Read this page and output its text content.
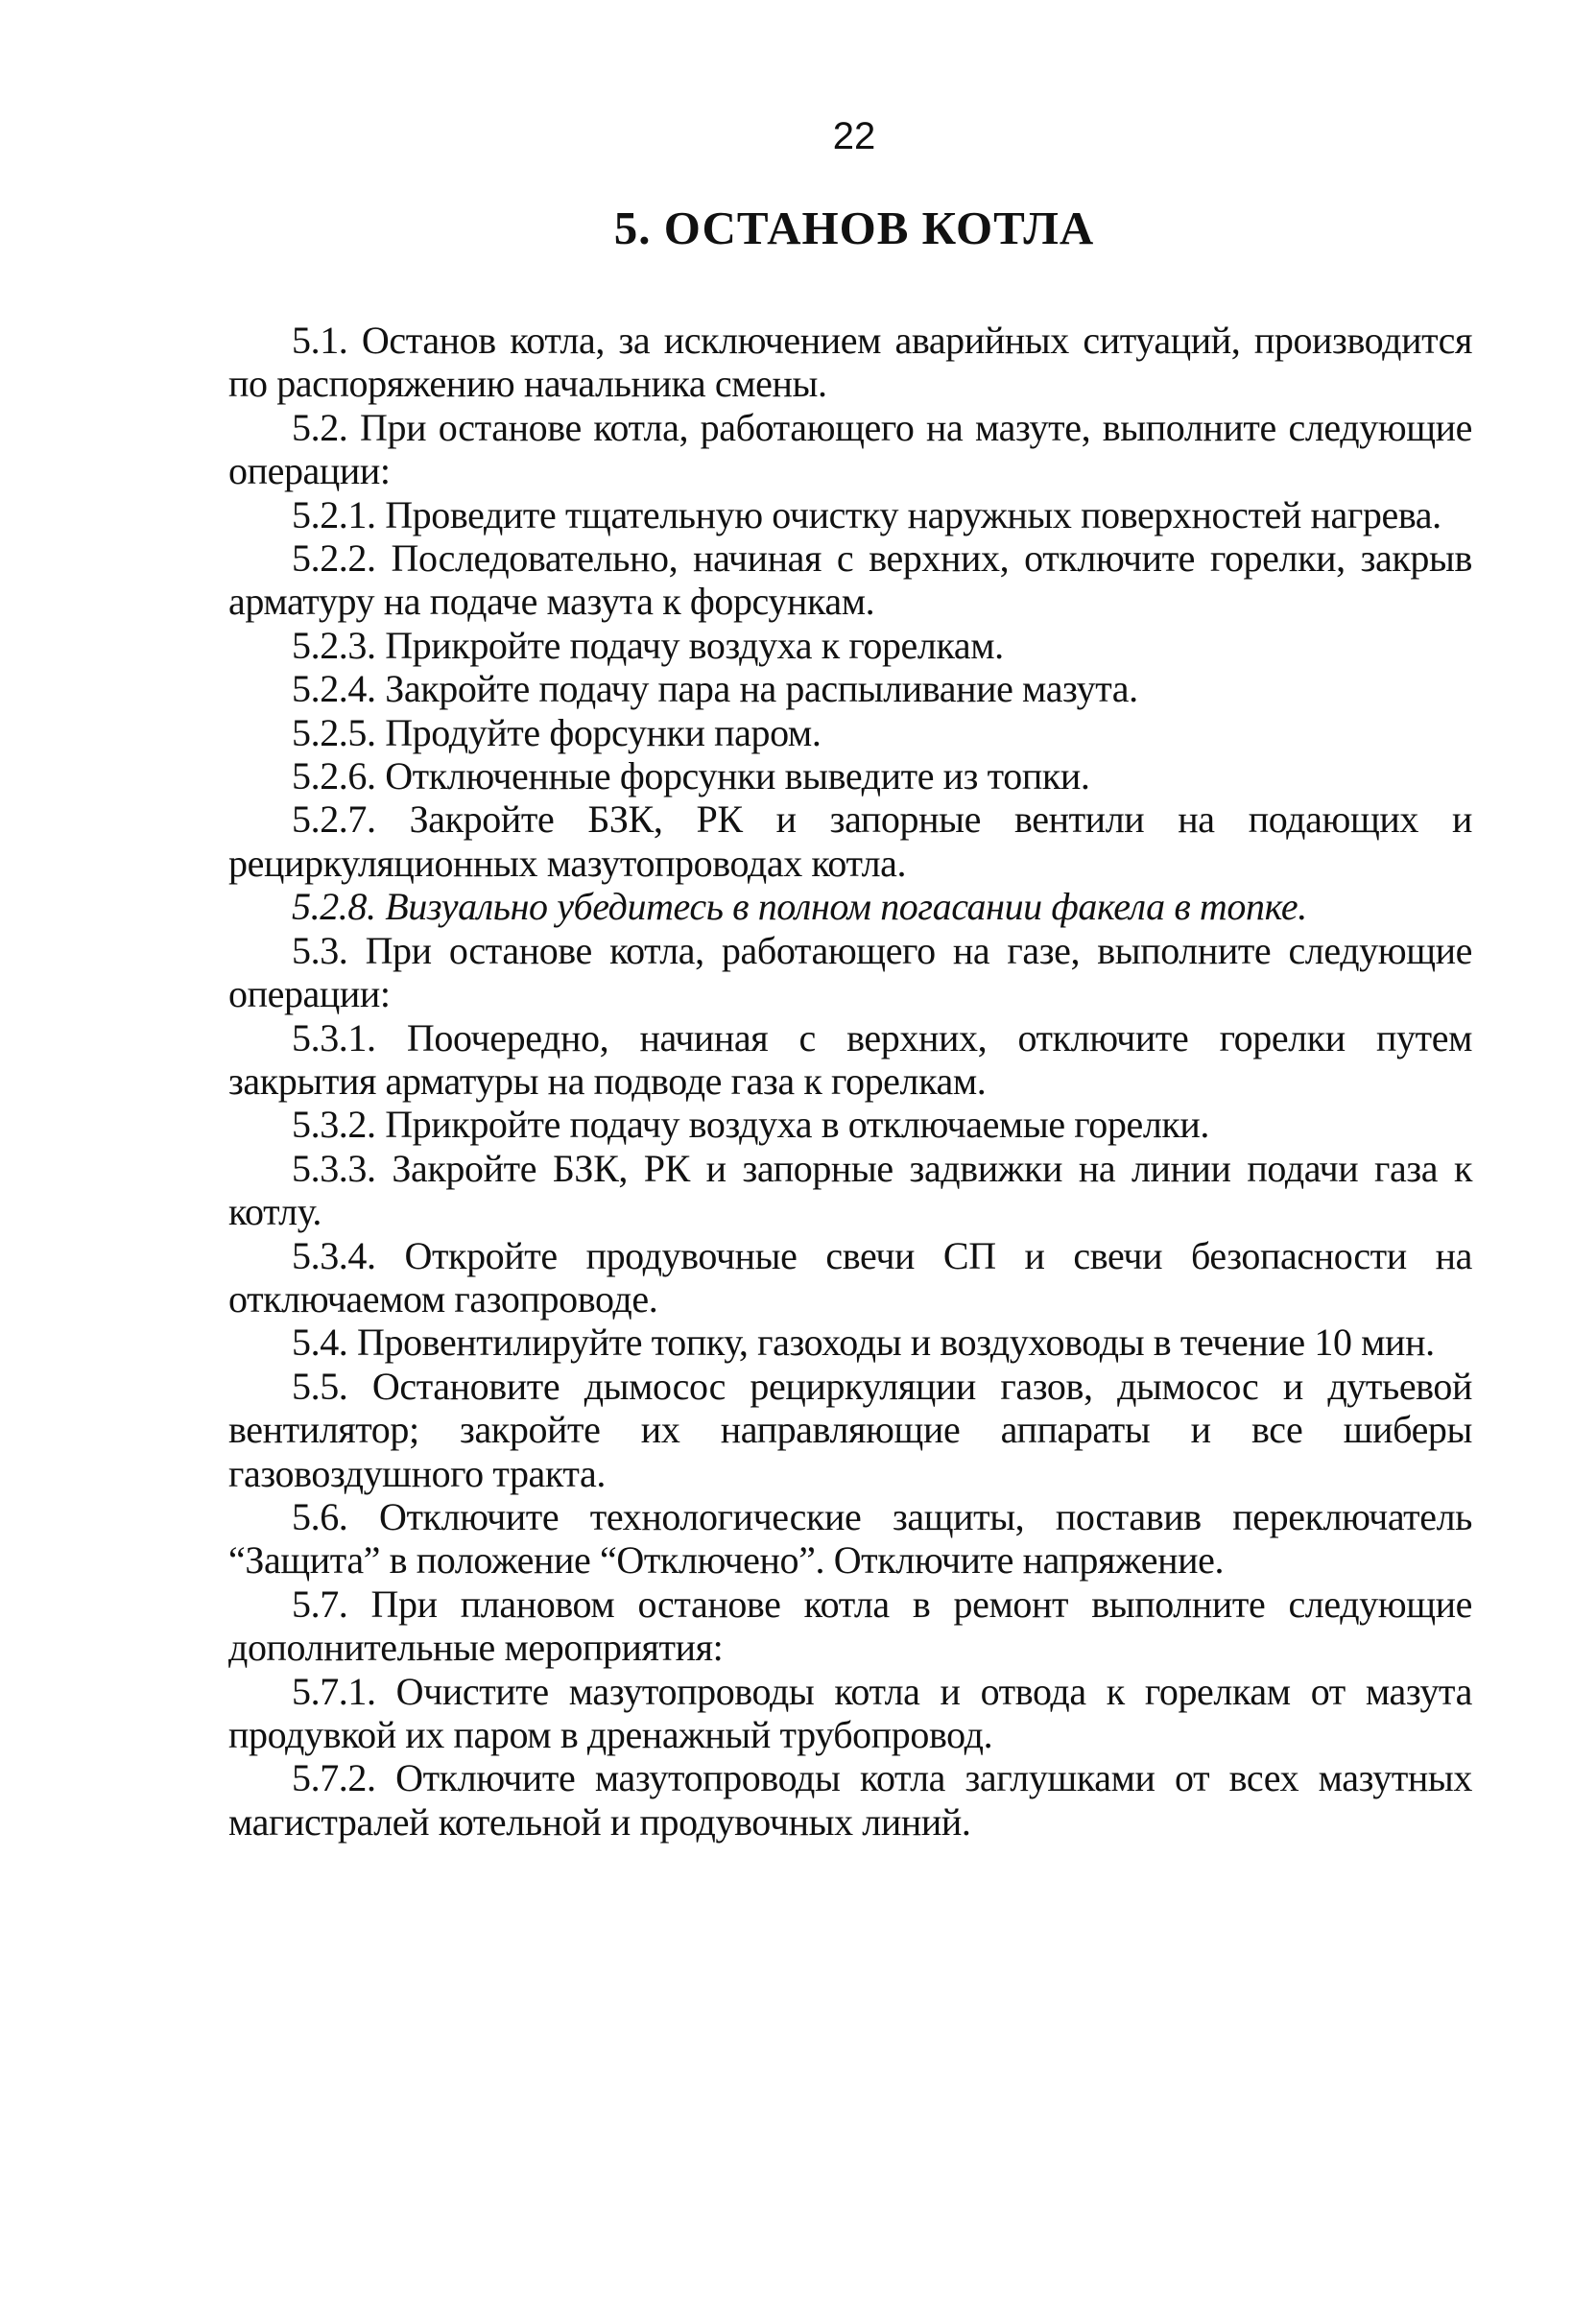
22
5. ОСТАНОВ КОТЛА

5.1. Останов котла, за исключением аварийных ситуаций, производится по распоряжению начальника смены.

5.2. При останове котла, работающего на мазуте, выполните следующие операции:

5.2.1. Проведите тщательную очистку наружных поверхностей нагрева.

5.2.2. Последовательно, начиная с верхних, отключите горелки, закрыв арматуру на подаче мазута к форсункам.

5.2.3. Прикройте подачу воздуха к горелкам.

5.2.4. Закройте подачу пара на распыливание мазута.

5.2.5. Продуйте форсунки паром.

5.2.6. Отключенные форсунки выведите из топки.

5.2.7. Закройте БЗК, РК и запорные вентили на подающих и рециркуляционных мазутопроводах котла.

5.2.8. Визуально убедитесь в полном погасании факела в топке.

5.3. При останове котла, работающего на газе, выполните следующие операции:

5.3.1. Поочередно, начиная с верхних, отключите горелки путем закрытия арматуры на подводе газа к горелкам.

5.3.2. Прикройте подачу воздуха в отключаемые горелки.

5.3.3. Закройте БЗК, РК и запорные задвижки на линии подачи газа к котлу.

5.3.4. Откройте продувочные свечи СП и свечи безопасности на отключаемом газопроводе.

5.4. Провентилируйте топку, газоходы и воздуховоды в течение 10 мин.

5.5. Остановите дымосос рециркуляции газов, дымосос и дутьевой вентилятор; закройте их направляющие аппараты и все шиберы газовоздушного тракта.

5.6. Отключите технологические защиты, поставив переключатель “Защита” в положение “Отключено”. Отключите напряжение.

5.7. При плановом останове котла в ремонт выполните следующие дополнительные мероприятия:

5.7.1. Очистите мазутопроводы котла и отвода к горелкам от мазута продувкой их паром в дренажный трубопровод.

5.7.2. Отключите мазутопроводы котла заглушками от всех мазутных магистралей котельной и продувочных линий.
